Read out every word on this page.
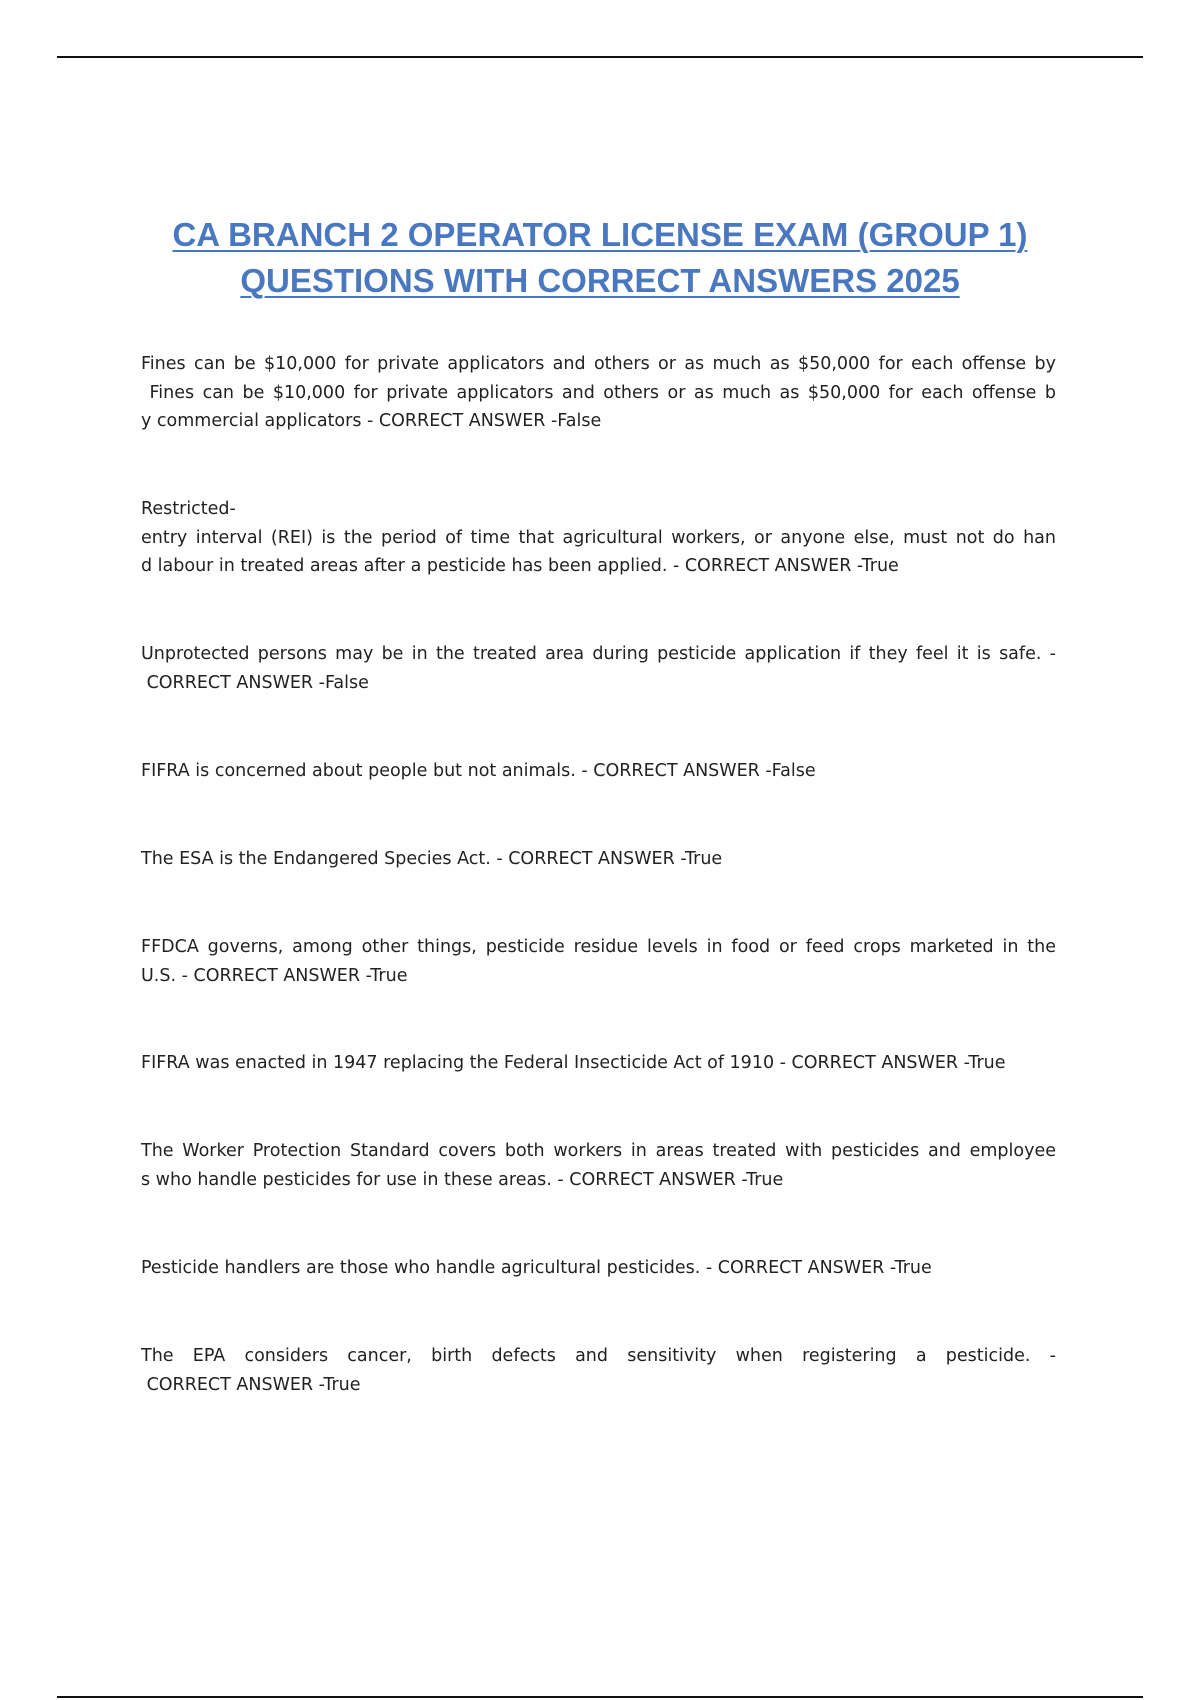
CA BRANCH 2 OPERATOR LICENSE EXAM (GROUP 1)
QUESTIONS WITH CORRECT ANSWERS 2025

Fines can be $10,000 for private applicators and others or as much as $50,000 for each offense by
Fines can be $10,000 for private applicators and others or as much as $50,000 for each offense b
y commercial applicators - CORRECT ANSWER -False

Restricted-
entry interval (REI) is the period of time that agricultural workers, or anyone else, must not do han
d labour in treated areas after a pesticide has been applied. - CORRECT ANSWER -True

Unprotected persons may be in the treated area during pesticide application if they feel it is safe. -
CORRECT ANSWER -False

FIFRA is concerned about people but not animals. - CORRECT ANSWER -False

The ESA is the Endangered Species Act. - CORRECT ANSWER -True

FFDCA governs, among other things, pesticide residue levels in food or feed crops marketed in the
U.S. - CORRECT ANSWER -True

FIFRA was enacted in 1947 replacing the Federal Insecticide Act of 1910 - CORRECT ANSWER -True

The Worker Protection Standard covers both workers in areas treated with pesticides and employee
s who handle pesticides for use in these areas. - CORRECT ANSWER -True

Pesticide handlers are those who handle agricultural pesticides. - CORRECT ANSWER -True

The EPA considers cancer, birth defects and sensitivity when registering a pesticide. -
CORRECT ANSWER -True
